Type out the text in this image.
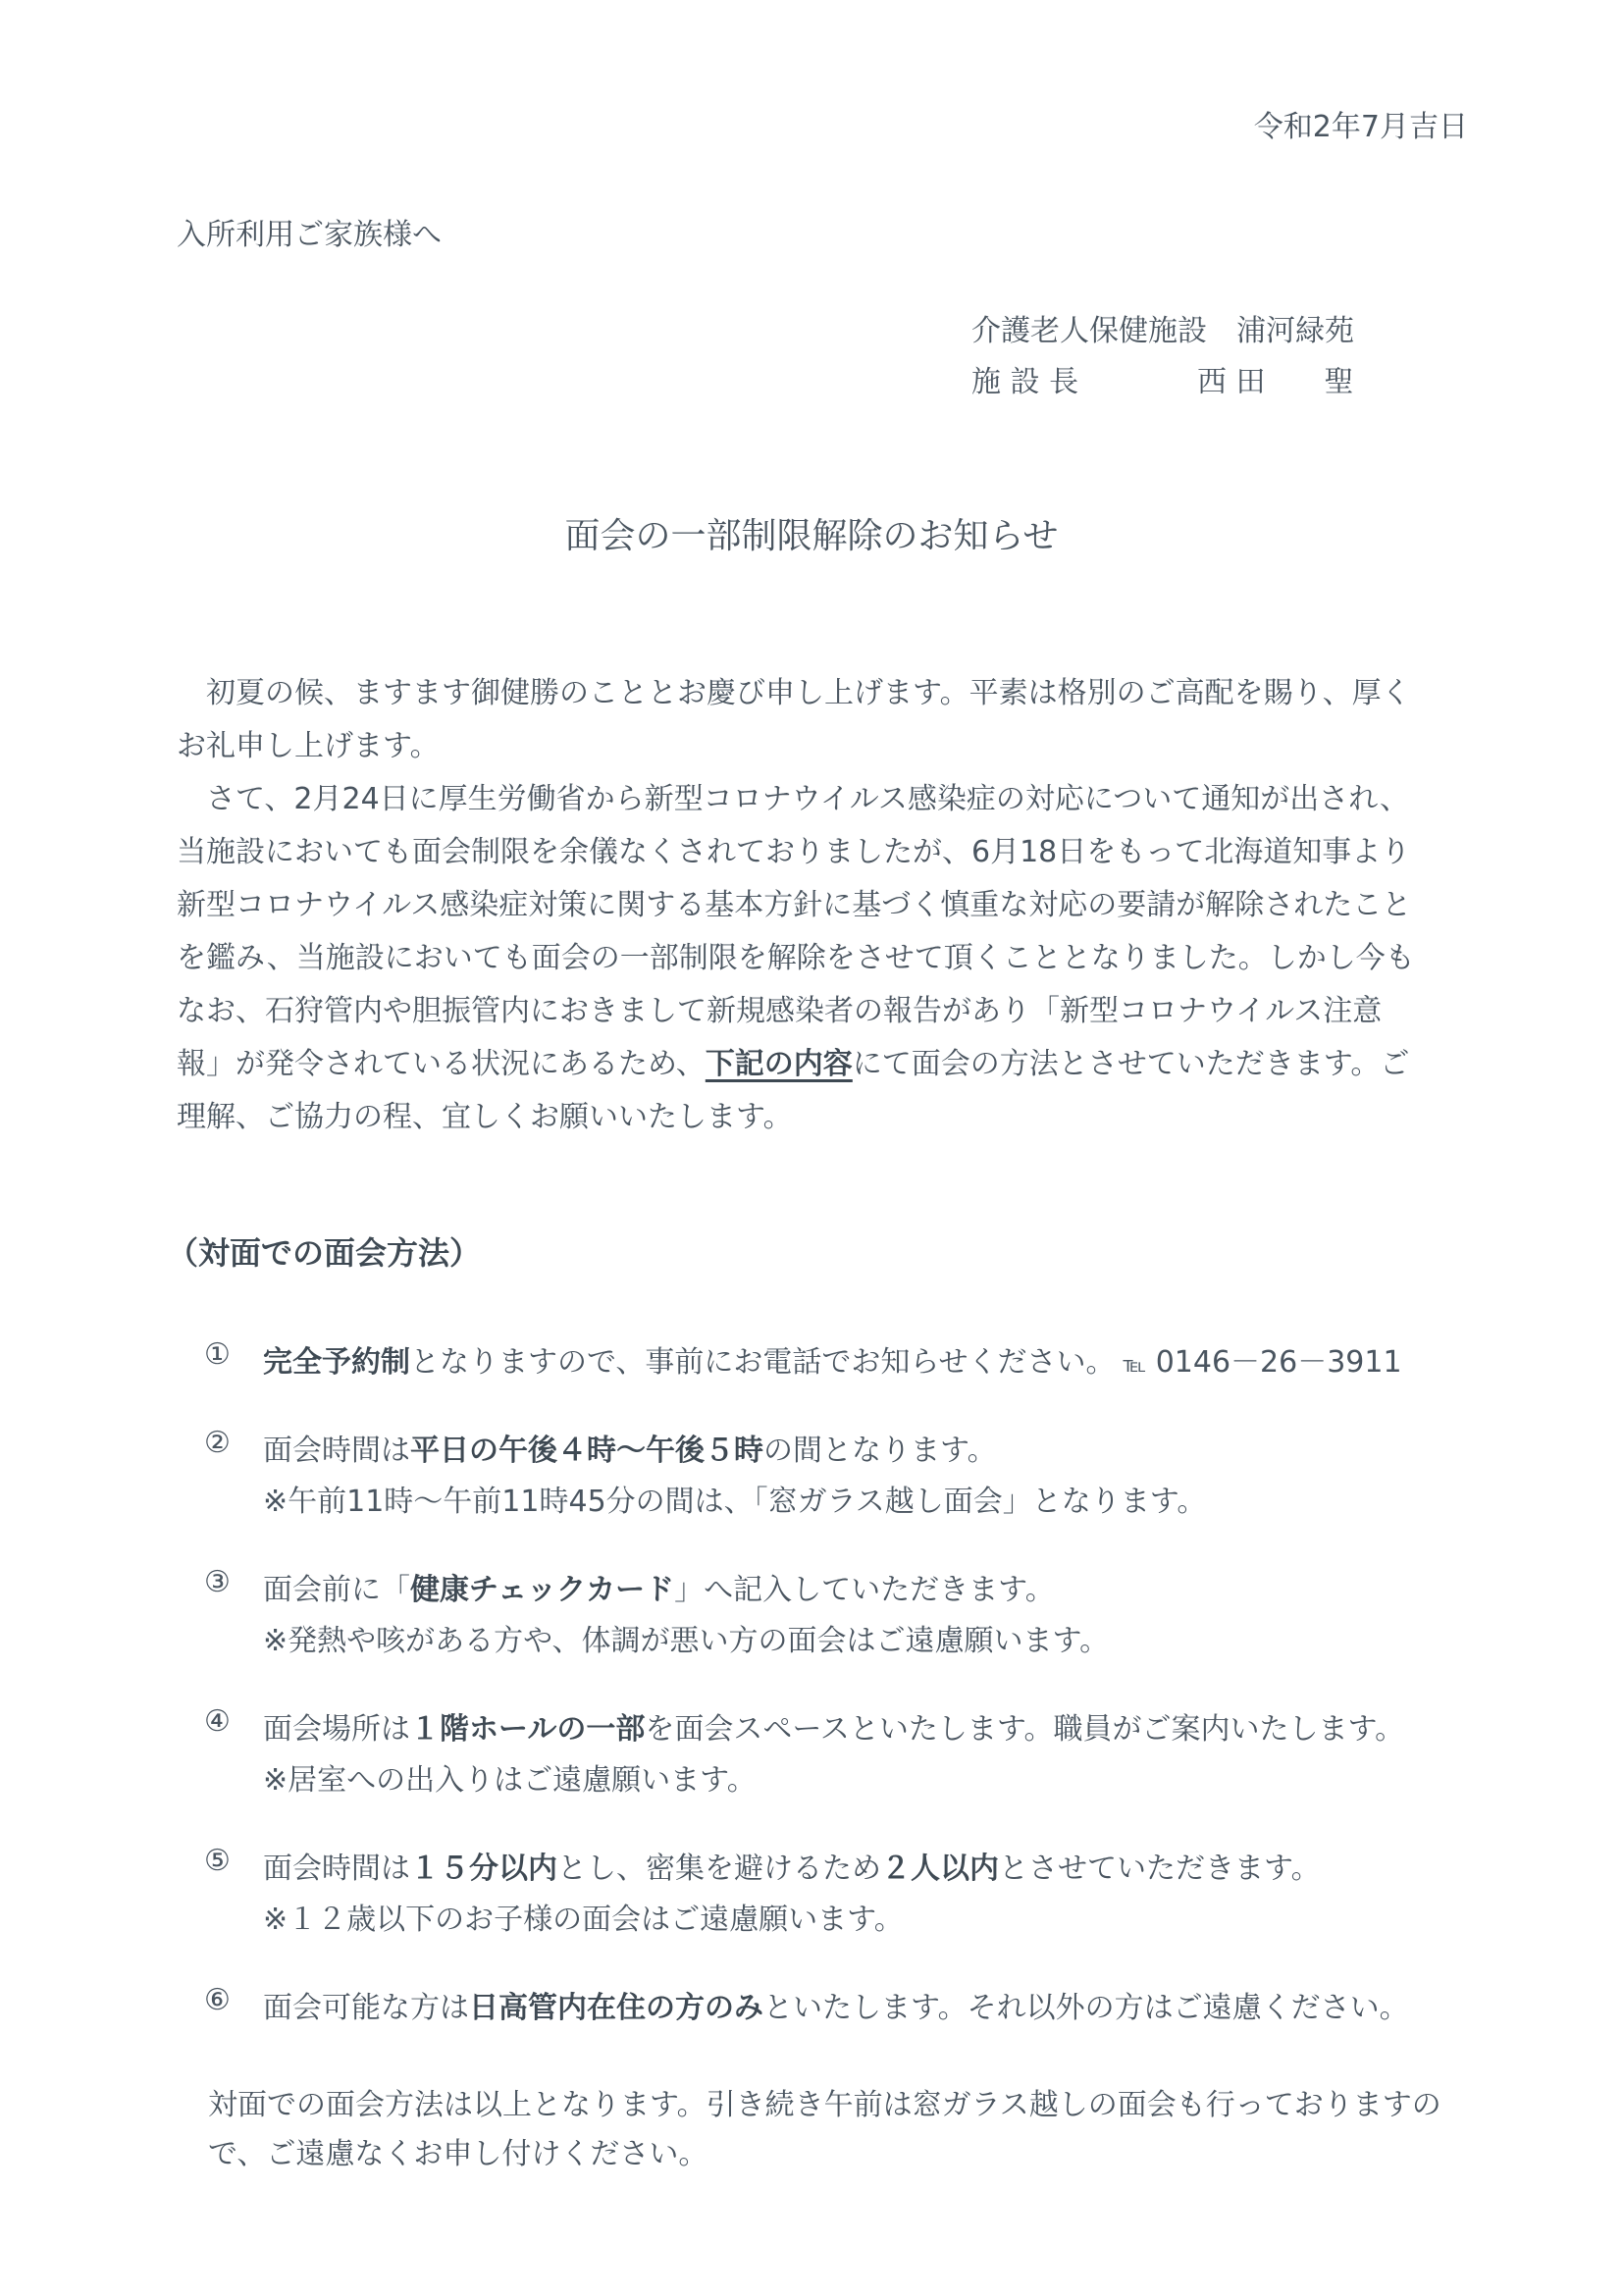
令和2年7月吉日
入所利用ご家族様へ
介護老人保健施設　浦河緑苑
施 設 長	西 田　　聖
面会の一部制限解除のお知らせ
初夏の候、ますます御健勝のこととお慶び申し上げます。平素は格別のご高配を賜り、厚く
お礼申し上げます。
さて、2月24日に厚生労働省から新型コロナウイルス感染症の対応について通知が出され、
当施設においても面会制限を余儀なくされておりましたが、6月18日をもって北海道知事より
新型コロナウイルス感染症対策に関する基本方針に基づく慎重な対応の要請が解除されたこと
を鑑み、当施設においても面会の一部制限を解除をさせて頂くこととなりました。しかし今も
なお、石狩管内や胆振管内におきまして新規感染者の報告があり「新型コロナウイルス注意
報」が発令されている状況にあるため、下記の内容にて面会の方法とさせていただきます。ご
理解、ご協力の程、宜しくお願いいたします。
（対面での面会方法）
① 完全予約制となりますので、事前にお電話でお知らせください。 ℡ 0146－26－3911
② 面会時間は平日の午後４時～午後５時の間となります。
※午前11時～午前11時45分の間は、「窓ガラス越し面会」となります。
③ 面会前に「健康チェックカード」へ記入していただきます。
※発熱や咳がある方や、体調が悪い方の面会はご遠慮願います。
④ 面会場所は１階ホールの一部を面会スペースといたします。職員がご案内いたします。
※居室への出入りはご遠慮願います。
⑤ 面会時間は１５分以内とし、密集を避けるため２人以内とさせていただきます。
※１２歳以下のお子様の面会はご遠慮願います。
⑥ 面会可能な方は日高管内在住の方のみといたします。それ以外の方はご遠慮ください。
対面での面会方法は以上となります。引き続き午前は窓ガラス越しの面会も行っておりますの
で、ご遠慮なくお申し付けください。
